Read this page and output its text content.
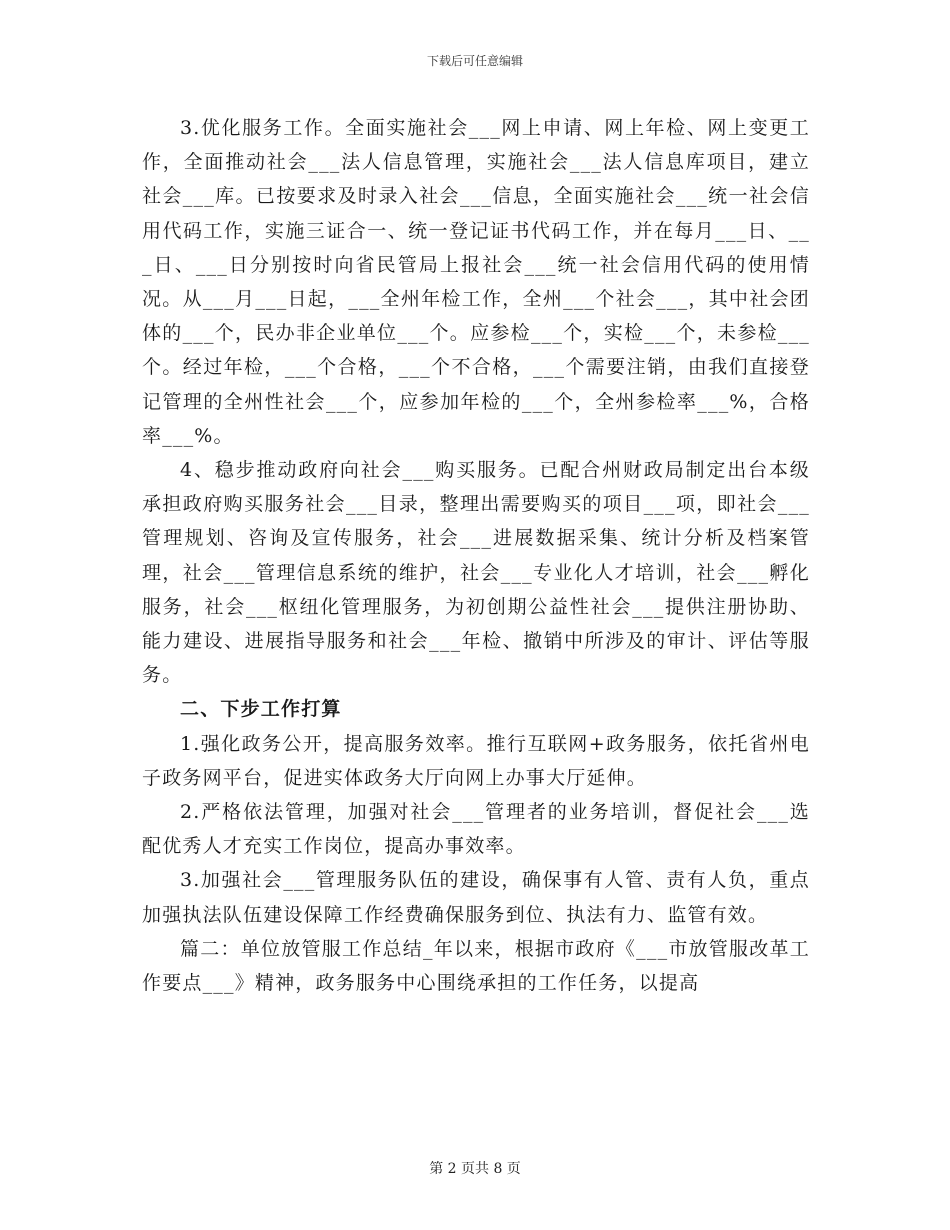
下载后可任意编辑

3.优化服务工作。全面实施社会___网上申请、网上年检、网上变更工作，全面推动社会___法人信息管理，实施社会___法人信息库项目，建立社会___库。已按要求及时录入社会___信息，全面实施社会___统一社会信用代码工作，实施三证合一、统一登记证书代码工作，并在每月___日、___日、___日分别按时向省民管局上报社会___统一社会信用代码的使用情况。从___月___日起，___全州年检工作，全州___个社会___，其中社会团体的___个，民办非企业单位___个。应参检___个，实检___个，未参检___个。经过年检，___个合格，___个不合格，___个需要注销，由我们直接登记管理的全州性社会___个，应参加年检的___个，全州参检率___%，合格率___%。

4、稳步推动政府向社会___购买服务。已配合州财政局制定出台本级承担政府购买服务社会___目录，整理出需要购买的项目___项，即社会___管理规划、咨询及宣传服务，社会___进展数据采集、统计分析及档案管理，社会___管理信息系统的维护，社会___专业化人才培训，社会___孵化服务，社会___枢纽化管理服务，为初创期公益性社会___提供注册协助、能力建设、进展指导服务和社会___年检、撤销中所涉及的审计、评估等服务。

二、下步工作打算

1.强化政务公开，提高服务效率。推行互联网+政务服务，依托省州电子政务网平台，促进实体政务大厅向网上办事大厅延伸。

2.严格依法管理，加强对社会___管理者的业务培训，督促社会___选配优秀人才充实工作岗位，提高办事效率。

3.加强社会___管理服务队伍的建设，确保事有人管、责有人负，重点加强执法队伍建设保障工作经费确保服务到位、执法有力、监管有效。

篇二：单位放管服工作总结_年以来，根据市政府《___市放管服改革工作要点___》精神，政务服务中心围绕承担的工作任务，以提高

第 2 页共 8 页
